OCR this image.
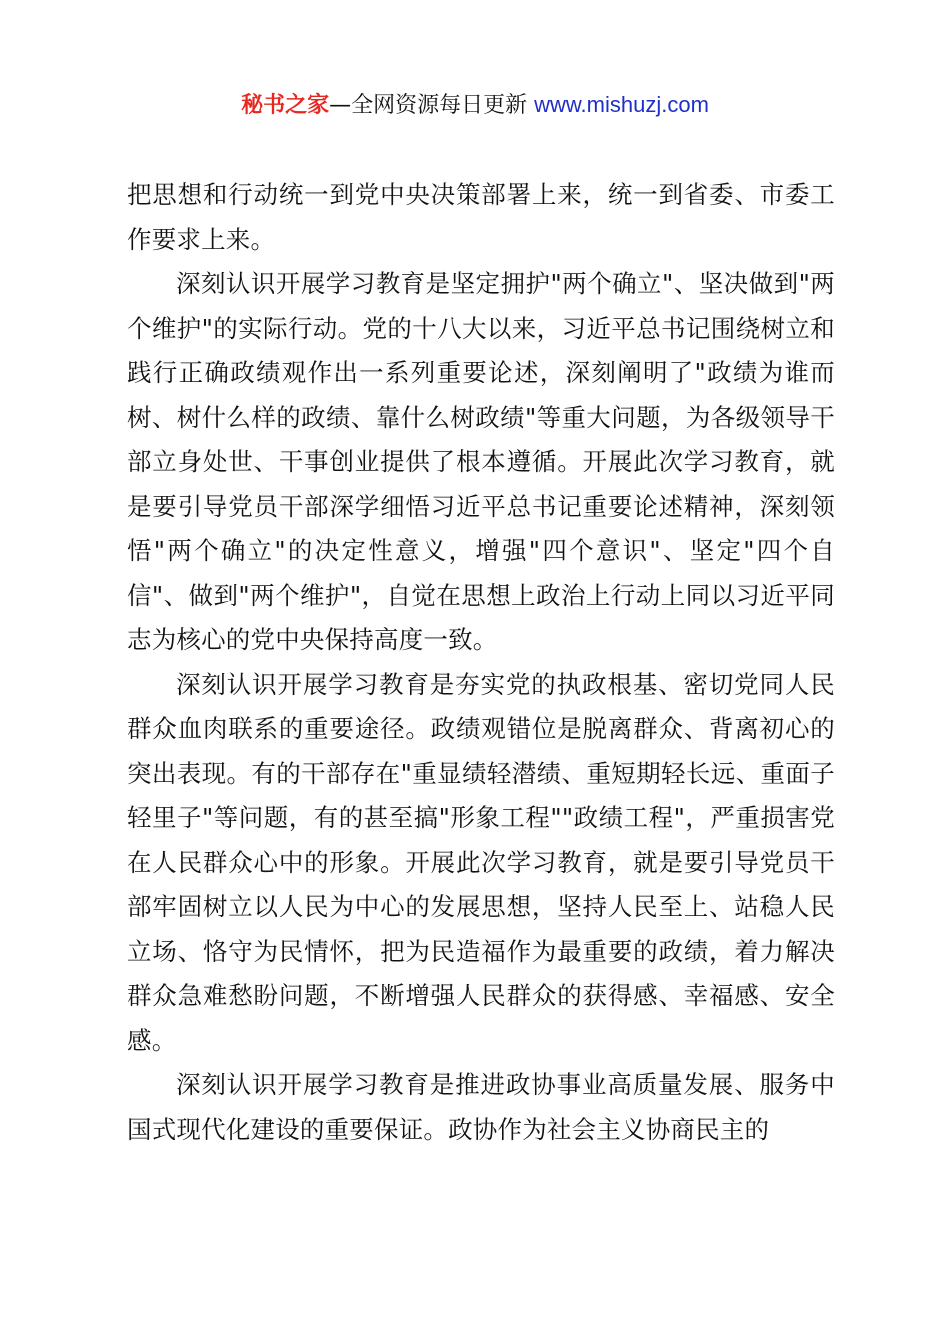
秘书之家—全网资源每日更新 www.mishuzj.com

把思想和行动统一到党中央决策部署上来，统一到省委、市委工作要求上来。

深刻认识开展学习教育是坚定拥护"两个确立"、坚决做到"两个维护"的实际行动。党的十八大以来，习近平总书记围绕树立和践行正确政绩观作出一系列重要论述，深刻阐明了"政绩为谁而树、树什么样的政绩、靠什么树政绩"等重大问题，为各级领导干部立身处世、干事创业提供了根本遵循。开展此次学习教育，就是要引导党员干部深学细悟习近平总书记重要论述精神，深刻领悟"两个确立"的决定性意义，增强"四个意识"、坚定"四个自信"、做到"两个维护"，自觉在思想上政治上行动上同以习近平同志为核心的党中央保持高度一致。

深刻认识开展学习教育是夯实党的执政根基、密切党同人民群众血肉联系的重要途径。政绩观错位是脱离群众、背离初心的突出表现。有的干部存在"重显绩轻潜绩、重短期轻长远、重面子轻里子"等问题，有的甚至搞"形象工程""政绩工程"，严重损害党在人民群众心中的形象。开展此次学习教育，就是要引导党员干部牢固树立以人民为中心的发展思想，坚持人民至上、站稳人民立场、恪守为民情怀，把为民造福作为最重要的政绩，着力解决群众急难愁盼问题，不断增强人民群众的获得感、幸福感、安全感。

深刻认识开展学习教育是推进政协事业高质量发展、服务中国式现代化建设的重要保证。政协作为社会主义协商民主的
